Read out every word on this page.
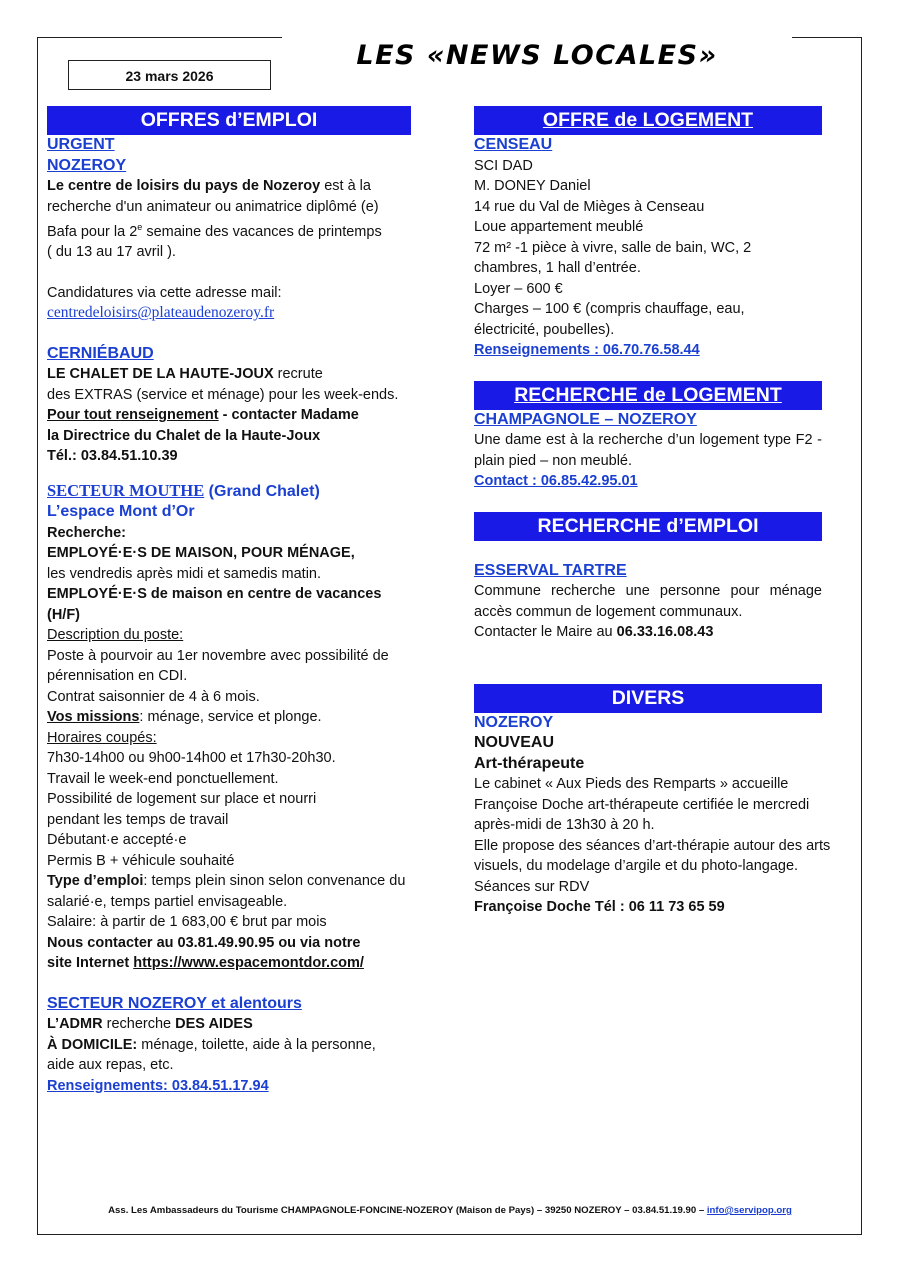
LES «NEWS LOCALES»
23 mars 2026
OFFRES d’EMPLOI
URGENT
NOZEROY
Le centre de loisirs du pays de Nozeroy est à la recherche d'un animateur ou animatrice diplômé (e) Bafa pour la 2e semaine des vacances de printemps ( du 13 au 17 avril ).
Candidatures via cette adresse mail:
centredeloisirs@plateaudenozeroy.fr
CERNIÉBAUD
LE CHALET DE LA HAUTE-JOUX recrute
des EXTRAS (service et ménage) pour les week-ends.
Pour tout renseignement - contacter Madame
la Directrice du Chalet de la Haute-Joux
Tél.: 03.84.51.10.39
SECTEUR MOUTHE (Grand Chalet)
L’espace Mont d’Or
Recherche:
EMPLOYÉ·E·S DE MAISON, POUR MÉNAGE,
les vendredis après midi et samedis matin.
EMPLOYÉ·E·S de maison en centre de vacances (H/F)
Description du poste:
Poste à pourvoir au 1er novembre avec possibilité de pérennisation en CDI.
Contrat saisonnier de 4 à 6 mois.
Vos missions: ménage, service et plonge.
Horaires coupés:
7h30-14h00 ou 9h00-14h00 et 17h30-20h30.
Travail le week-end ponctuellement.
Possibilité de logement sur place et nourri pendant les temps de travail
Débutant·e accepté·e
Permis B + véhicule souhaité
Type d’emploi: temps plein sinon selon convenance du salarié·e, temps partiel envisageable.
Salaire: à partir de 1 683,00 € brut par mois
Nous contacter au 03.81.49.90.95 ou via notre site Internet https://www.espacemontdor.com/
SECTEUR NOZEROY et alentours
L’ADMR recherche DES AIDES
À DOMICILE: ménage, toilette, aide à la personne, aide aux repas, etc.
Renseignements: 03.84.51.17.94
OFFRE de LOGEMENT
CENSEAU
SCI DAD
M. DONEY Daniel
14 rue du Val de Mièges à Censeau
Loue appartement meublé
72 m² -1 pièce à vivre, salle de bain, WC, 2 chambres, 1 hall d’entrée.
Loyer – 600 €
Charges – 100 € (compris chauffage, eau, électricité, poubelles).
Renseignements : 06.70.76.58.44
RECHERCHE de LOGEMENT
CHAMPAGNOLE – NOZEROY
Une dame est à la recherche d’un logement type F2 - plain pied – non meublé.
Contact : 06.85.42.95.01
RECHERCHE d’EMPLOI
ESSERVAL TARTRE
Commune recherche une personne pour ménage accès commun de logement communaux.
Contacter le Maire au 06.33.16.08.43
DIVERS
NOZEROY
NOUVEAU
Art-thérapeute
Le cabinet « Aux Pieds des Remparts » accueille Françoise Doche art-thérapeute certifiée le mercredi après-midi de 13h30 à 20 h.
Elle propose des séances d’art-thérapie autour des arts visuels, du modelage d’argile et du photo-langage.
Séances sur RDV
Françoise Doche Tél : 06 11 73 65 59
Ass. Les Ambassadeurs du Tourisme CHAMPAGNOLE-FONCINE-NOZEROY (Maison de Pays) – 39250 NOZEROY – 03.84.51.19.90 – info@servipop.org
